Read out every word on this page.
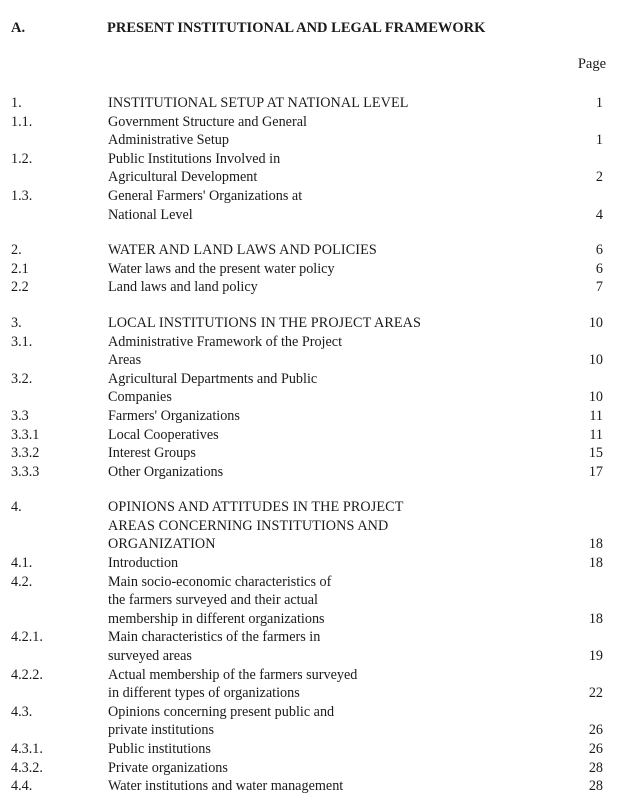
A.	PRESENT INSTITUTIONAL AND LEGAL FRAMEWORK
Page
1.	INSTITUTIONAL SETUP AT NATIONAL LEVEL	1
1.1.	Government Structure and General
Administrative Setup	1
1.2.	Public Institutions Involved in
Agricultural Development	2
1.3.	General Farmers' Organizations at
National Level	4
2.	WATER AND LAND LAWS AND POLICIES	6
2.1	Water laws and the present water policy	6
2.2	Land laws and land policy	7
3.	LOCAL INSTITUTIONS IN THE PROJECT AREAS	10
3.1.	Administrative Framework of the Project
Areas	10
3.2.	Agricultural Departments and Public
Companies	10
3.3	Farmers' Organizations	11
3.3.1	Local Cooperatives	11
3.3.2	Interest Groups	15
3.3.3	Other Organizations	17
4.	OPINIONS AND ATTITUDES IN THE PROJECT
AREAS CONCERNING INSTITUTIONS AND
ORGANIZATION	18
4.1.	Introduction	18
4.2.	Main socio-economic characteristics of
the farmers surveyed and their actual
membership in different organizations	18
4.2.1.	Main characteristics of the farmers in
surveyed areas	19
4.2.2.	Actual membership of the farmers surveyed
in different types of organizations	22
4.3.	Opinions concerning present public and
private institutions	26
4.3.1.	Public institutions	26
4.3.2.	Private organizations	28
4.4.	Water institutions and water management	28
